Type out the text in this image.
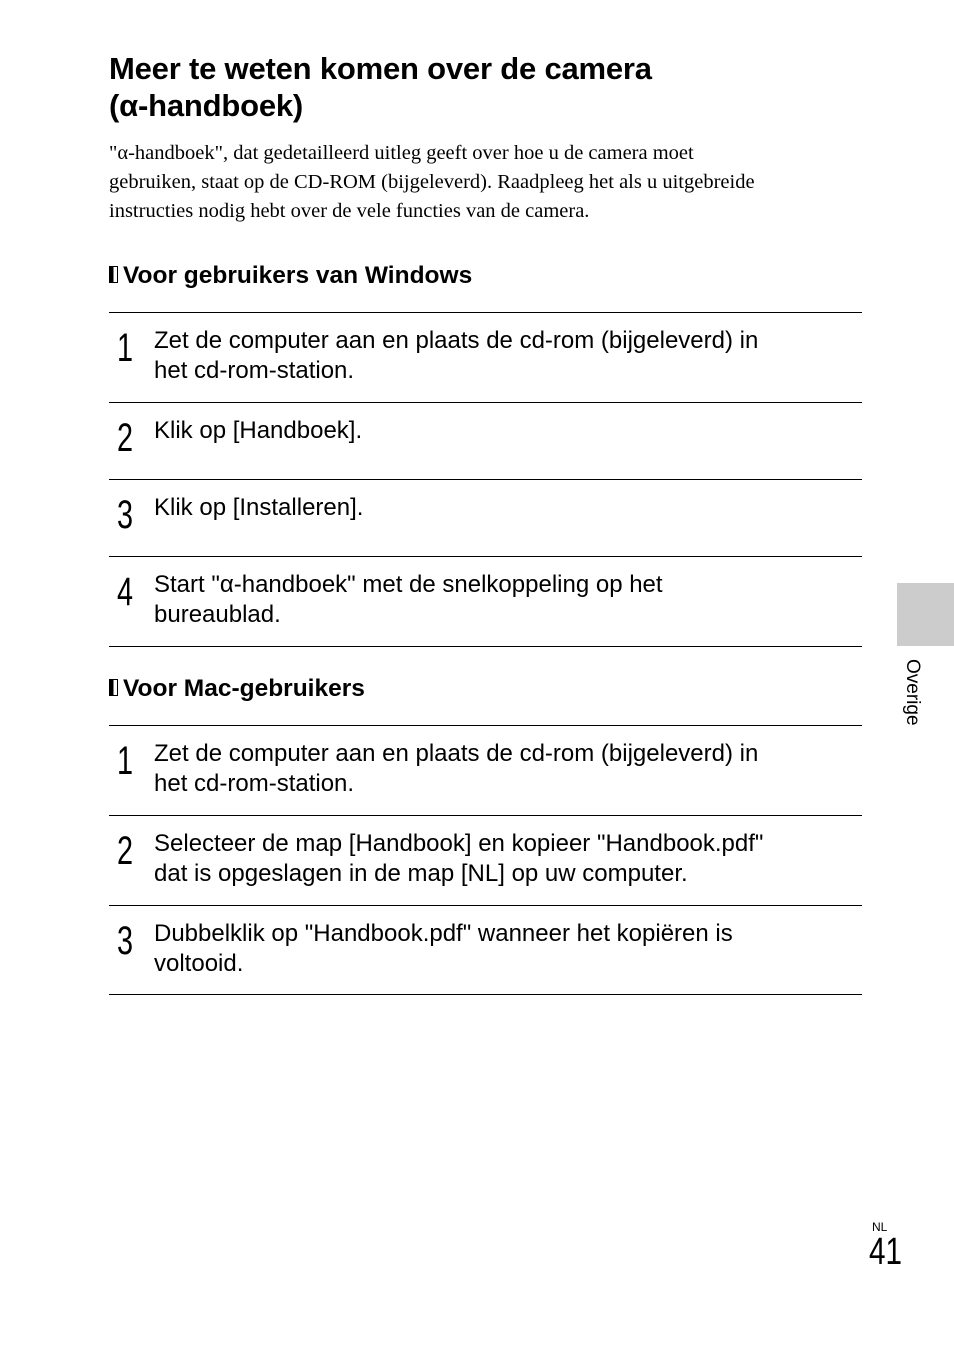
Meer te weten komen over de camera
(α-handboek)

"α-handboek", dat gedetailleerd uitleg geeft over hoe u de camera moet
gebruiken, staat op de CD-ROM (bijgeleverd). Raadpleeg het als u uitgebreide
instructies nodig hebt over de vele functies van de camera.

Voor gebruikers van Windows
1 Zet de computer aan en plaats de cd-rom (bijgeleverd) in
het cd-rom-station.
2 Klik op [Handboek].
3 Klik op [Installeren].
4 Start "α-handboek" met de snelkoppeling op het
bureaublad.
Voor Mac-gebruikers
1 Zet de computer aan en plaats de cd-rom (bijgeleverd) in
het cd-rom-station.
2 Selecteer de map [Handbook] en kopieer "Handbook.pdf"
dat is opgeslagen in de map [NL] op uw computer.
3 Dubbelklik op "Handbook.pdf" wanneer het kopiëren is
voltooid.
Overige
NL
41
